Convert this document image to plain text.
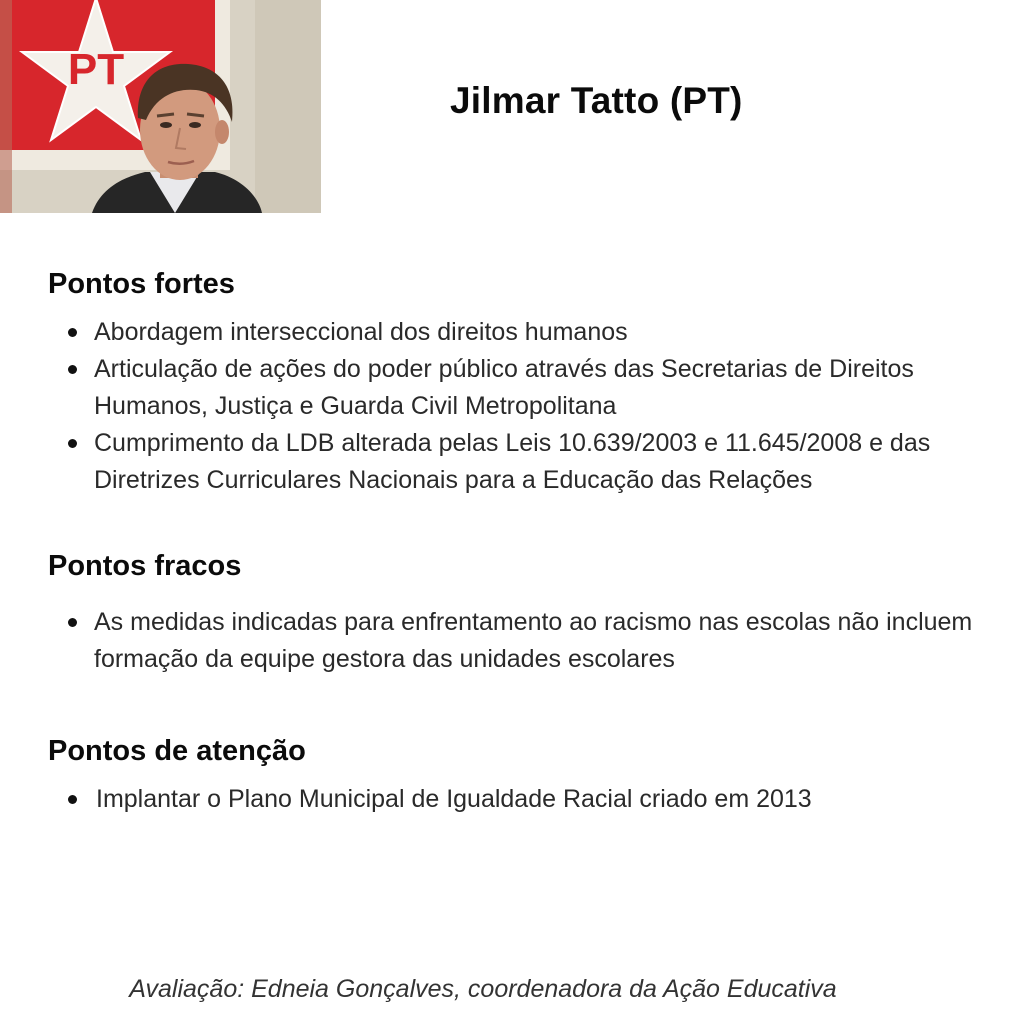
PT
Jilmar Tatto (PT)
Pontos fortes
Abordagem interseccional dos direitos humanos
Articulação de ações do poder público através das Secretarias de Direitos Humanos, Justiça e Guarda Civil Metropolitana
Cumprimento da LDB alterada pelas Leis 10.639/2003 e 11.645/2008 e das Diretrizes Curriculares Nacionais para a Educação das Relações
Pontos fracos
As medidas indicadas para enfrentamento ao racismo nas escolas não incluem formação da equipe gestora das unidades escolares
Pontos de atenção
Implantar o Plano Municipal de Igualdade Racial criado em 2013
Avaliação: Edneia Gonçalves, coordenadora da Ação Educativa
